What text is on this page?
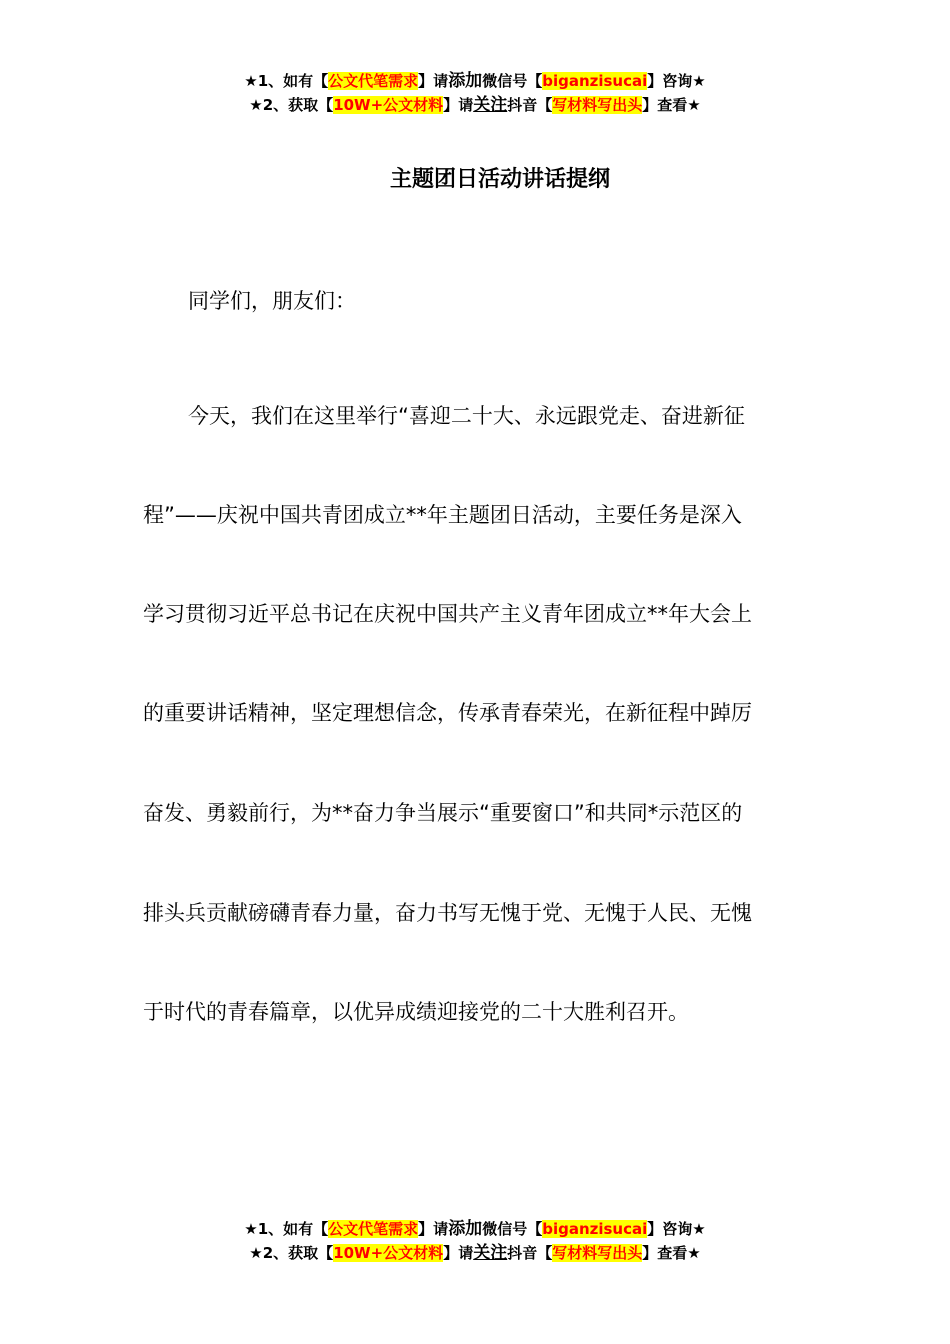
★1、如有【公文代笔需求】请添加微信号【biganzisucai】咨询★
★2、获取【10W+公文材料】请关注抖音【写材料写出头】查看★
主题团日活动讲话提纲
同学们，朋友们：
今天，我们在这里举行“喜迎二十大、永远跟党走、奋进新征
程”——庆祝中国共青团成立**年主题团日活动，主要任务是深入
学习贯彻习近平总书记在庆祝中国共产主义青年团成立**年大会上
的重要讲话精神，坚定理想信念，传承青春荣光，在新征程中踔厉
奋发、勇毅前行，为**奋力争当展示“重要窗口”和共同*示范区的
排头兵贡献磅礴青春力量，奋力书写无愧于党、无愧于人民、无愧
于时代的青春篇章，以优异成绩迎接党的二十大胜利召开。
★1、如有【公文代笔需求】请添加微信号【biganzisucai】咨询★
★2、获取【10W+公文材料】请关注抖音【写材料写出头】查看★
